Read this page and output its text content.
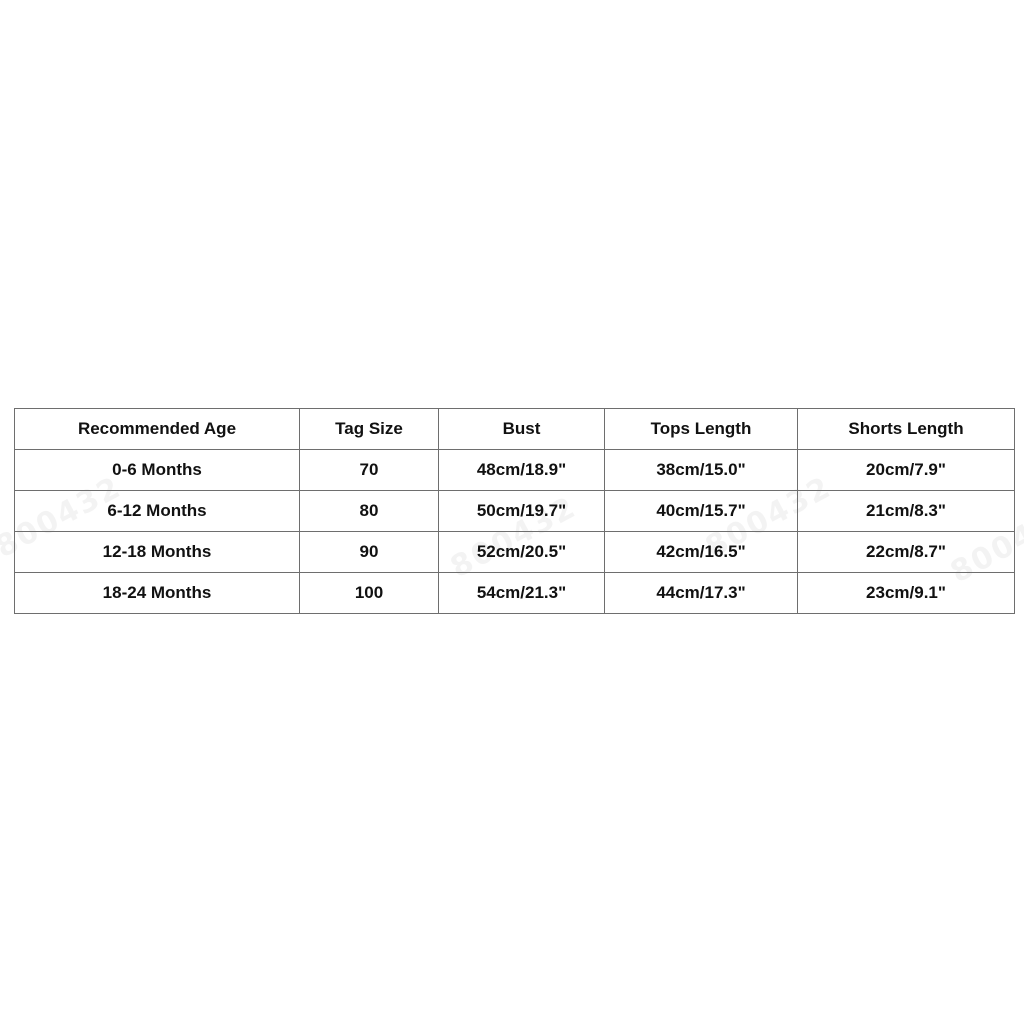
Recommended Age	Tag Size	Bust	Tops Length	Shorts Length
0-6 Months	70	48cm/18.9"	38cm/15.0"	20cm/7.9"
6-12 Months	80	50cm/19.7"	40cm/15.7"	21cm/8.3"
12-18 Months	90	52cm/20.5"	42cm/16.5"	22cm/8.7"
18-24 Months	100	54cm/21.3"	44cm/17.3"	23cm/9.1"
